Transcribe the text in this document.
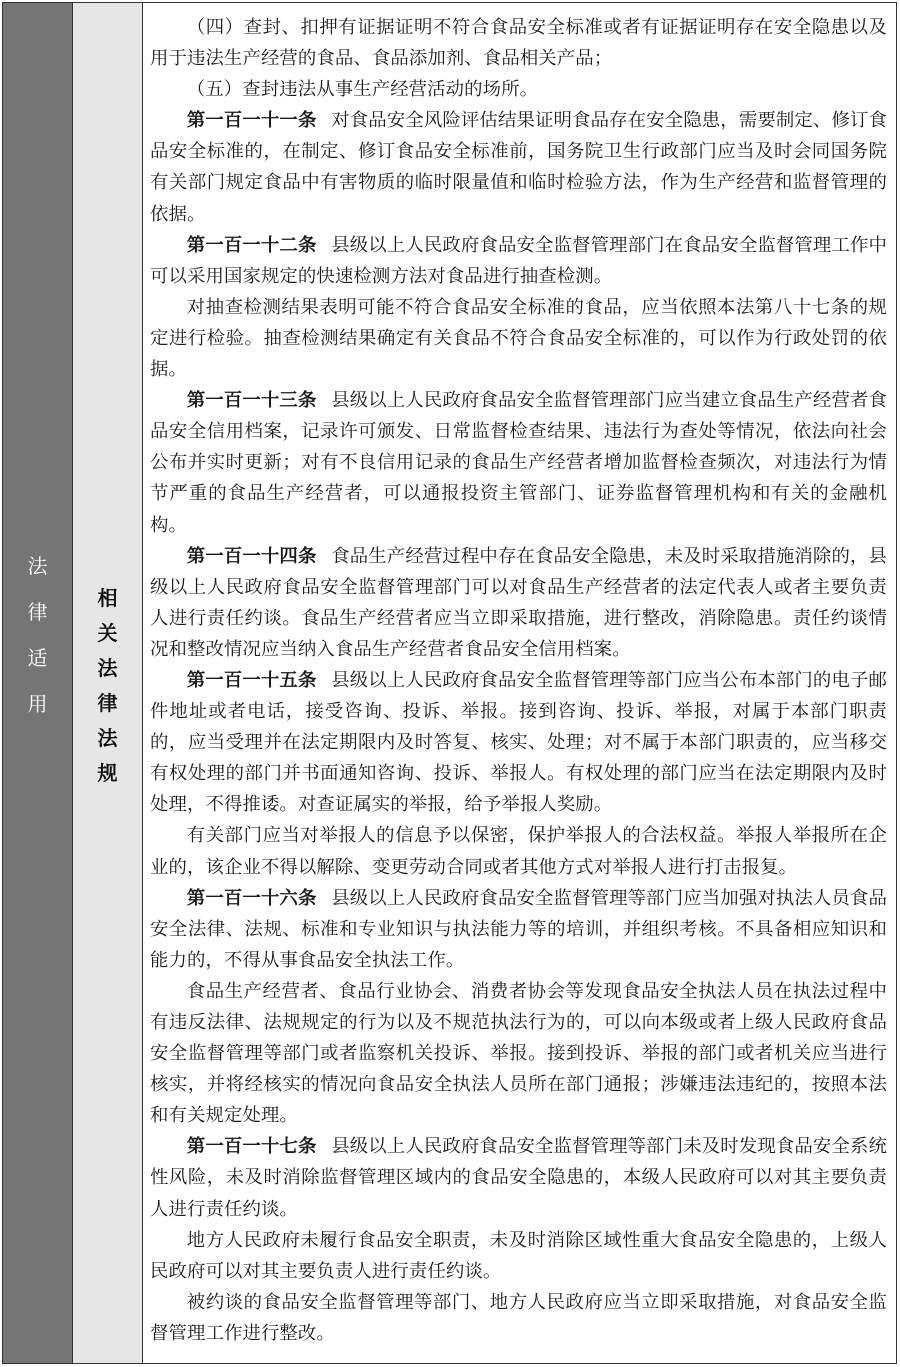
法
律
适
用
相
关
法
律
法
规

（四）查封、扣押有证据证明不符合食品安全标准或者有证据证明存在安全隐患以及用于违法生产经营的食品、食品添加剂、食品相关产品；

（五）查封违法从事生产经营活动的场所。

第一百一十一条 对食品安全风险评估结果证明食品存在安全隐患，需要制定、修订食品安全标准的，在制定、修订食品安全标准前，国务院卫生行政部门应当及时会同国务院有关部门规定食品中有害物质的临时限量值和临时检验方法，作为生产经营和监督管理的依据。

第一百一十二条 县级以上人民政府食品安全监督管理部门在食品安全监督管理工作中可以采用国家规定的快速检测方法对食品进行抽查检测。

对抽查检测结果表明可能不符合食品安全标准的食品，应当依照本法第八十七条的规定进行检验。抽查检测结果确定有关食品不符合食品安全标准的，可以作为行政处罚的依据。

第一百一十三条 县级以上人民政府食品安全监督管理部门应当建立食品生产经营者食品安全信用档案，记录许可颁发、日常监督检查结果、违法行为查处等情况，依法向社会公布并实时更新；对有不良信用记录的食品生产经营者增加监督检查频次，对违法行为情节严重的食品生产经营者，可以通报投资主管部门、证券监督管理机构和有关的金融机构。

第一百一十四条 食品生产经营过程中存在食品安全隐患，未及时采取措施消除的，县级以上人民政府食品安全监督管理部门可以对食品生产经营者的法定代表人或者主要负责人进行责任约谈。食品生产经营者应当立即采取措施，进行整改，消除隐患。责任约谈情况和整改情况应当纳入食品生产经营者食品安全信用档案。

第一百一十五条 县级以上人民政府食品安全监督管理等部门应当公布本部门的电子邮件地址或者电话，接受咨询、投诉、举报。接到咨询、投诉、举报，对属于本部门职责的，应当受理并在法定期限内及时答复、核实、处理；对不属于本部门职责的，应当移交有权处理的部门并书面通知咨询、投诉、举报人。有权处理的部门应当在法定期限内及时处理，不得推诿。对查证属实的举报，给予举报人奖励。

有关部门应当对举报人的信息予以保密，保护举报人的合法权益。举报人举报所在企业的，该企业不得以解除、变更劳动合同或者其他方式对举报人进行打击报复。

第一百一十六条 县级以上人民政府食品安全监督管理等部门应当加强对执法人员食品安全法律、法规、标准和专业知识与执法能力等的培训，并组织考核。不具备相应知识和能力的，不得从事食品安全执法工作。

食品生产经营者、食品行业协会、消费者协会等发现食品安全执法人员在执法过程中有违反法律、法规规定的行为以及不规范执法行为的，可以向本级或者上级人民政府食品安全监督管理等部门或者监察机关投诉、举报。接到投诉、举报的部门或者机关应当进行核实，并将经核实的情况向食品安全执法人员所在部门通报；涉嫌违法违纪的，按照本法和有关规定处理。

第一百一十七条 县级以上人民政府食品安全监督管理等部门未及时发现食品安全系统性风险，未及时消除监督管理区域内的食品安全隐患的，本级人民政府可以对其主要负责人进行责任约谈。

地方人民政府未履行食品安全职责，未及时消除区域性重大食品安全隐患的，上级人民政府可以对其主要负责人进行责任约谈。

被约谈的食品安全监督管理等部门、地方人民政府应当立即采取措施，对食品安全监督管理工作进行整改。
